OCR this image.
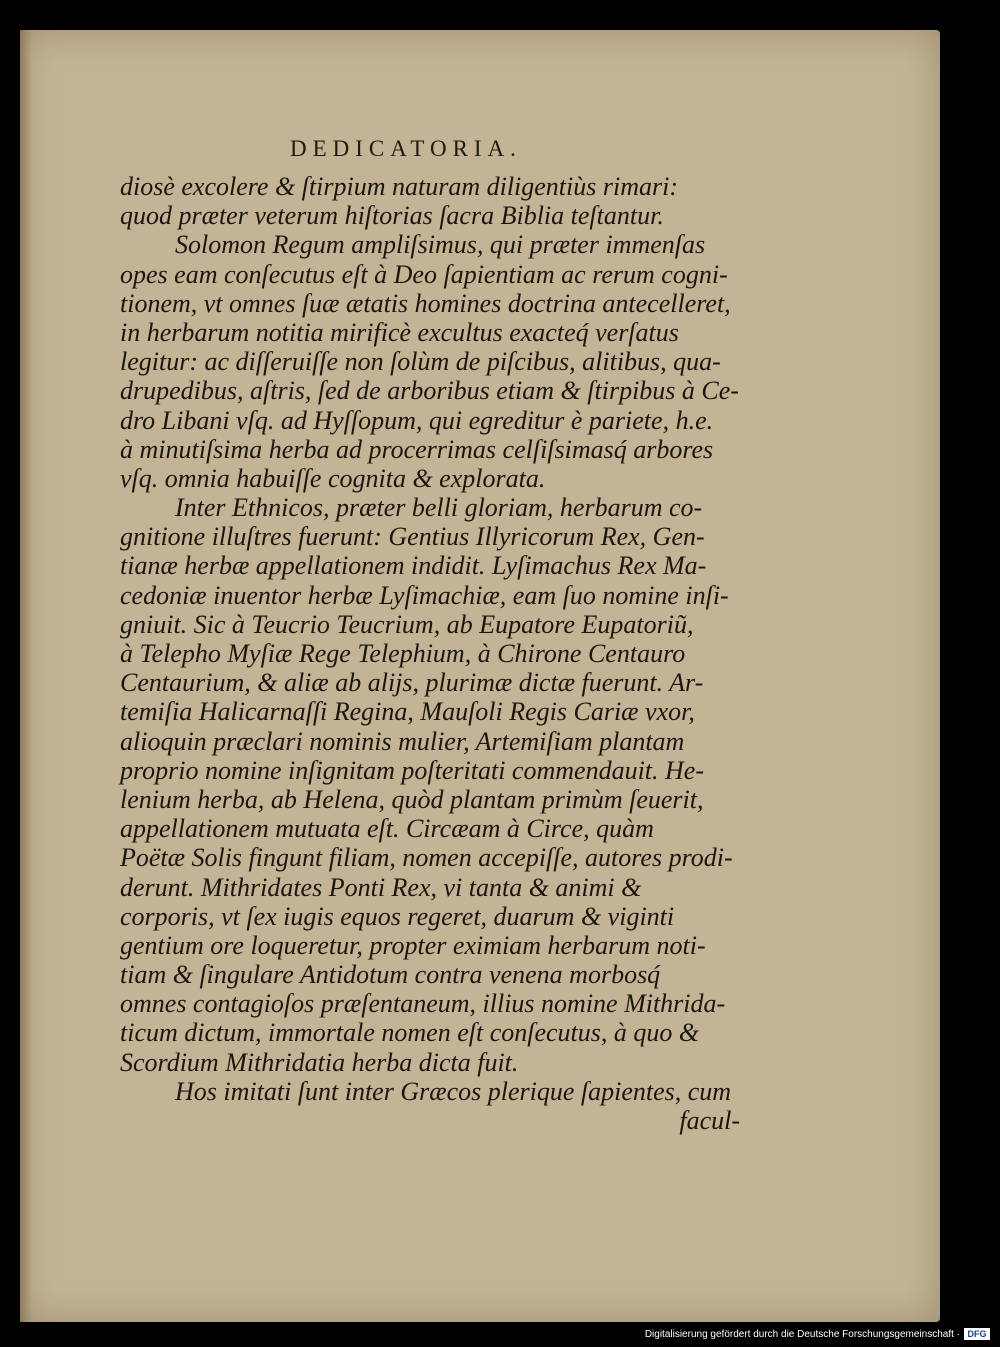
DEDICATORIA.
diosè excolere & ſtirpium naturam diligentiùs rimari:
quod præter veterum hiſtorias ſacra Biblia teſtantur.
Solomon Regum ampliſsimus, qui præter immenſas
opes eam conſecutus eſt à Deo ſapientiam ac rerum cogni-
tionem, vt omnes ſuæ ætatis homines doctrina antecelleret,
in herbarum notitia mirificè excultus exacteq́ verſatus
legitur: ac diſſeruiſſe non ſolùm de piſcibus, alitibus, qua-
drupedibus, aſtris, ſed de arboribus etiam & ſtirpibus à Ce-
dro Libani vſq. ad Hyſſopum, qui egreditur è pariete, h.e.
à minutiſsima herba ad procerrimas celſiſsimasq́ arbores
vſq. omnia habuiſſe cognita & explorata.
Inter Ethnicos, præter belli gloriam, herbarum co-
gnitione illuſtres fuerunt: Gentius Illyricorum Rex, Gen-
tianæ herbæ appellationem indidit. Lyſimachus Rex Ma-
cedoniæ inuentor herbæ Lyſimachiæ, eam ſuo nomine inſi-
gniuit. Sic à Teucrio Teucrium, ab Eupatore Eupatoriũ,
à Telepho Myſiæ Rege Telephium, à Chirone Centauro
Centaurium, & aliæ ab alijs, plurimæ dictæ fuerunt. Ar-
temiſia Halicarnaſſi Regina, Mauſoli Regis Cariæ vxor,
alioquin præclari nominis mulier, Artemiſiam plantam
proprio nomine inſignitam poſteritati commendauit. He-
lenium herba, ab Helena, quòd plantam primùm ſeuerit,
appellationem mutuata eſt. Circæam à Circe, quàm
Poëtæ Solis fingunt filiam, nomen accepiſſe, autores prodi-
derunt. Mithridates Ponti Rex, vi tanta & animi &
corporis, vt ſex iugis equos regeret, duarum & viginti
gentium ore loqueretur, propter eximiam herbarum noti-
tiam & ſingulare Antidotum contra venena morbosq́
omnes contagioſos præſentaneum, illius nomine Mithrida-
ticum dictum, immortale nomen eſt conſecutus, à quo &
Scordium Mithridatia herba dicta fuit.
Hos imitati ſunt inter Græcos plerique ſapientes, cum
facul-
Digitalisierung gefördert durch die Deutsche Forschungsgemeinschaft · DFG
